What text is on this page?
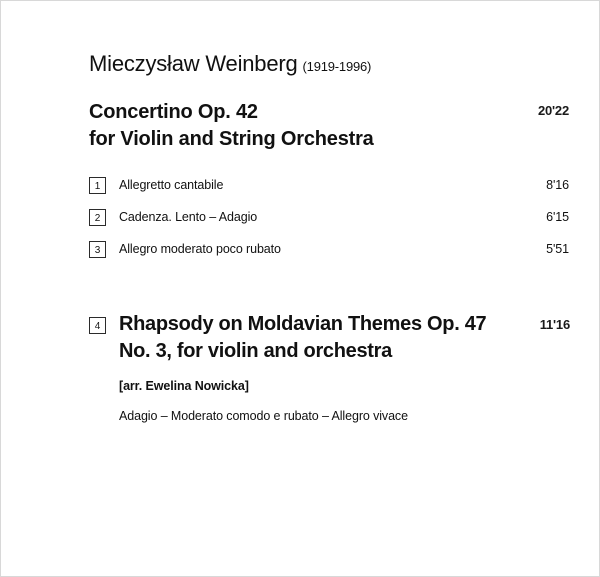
Mieczysław Weinberg (1919-1996)
Concertino Op. 42
for Violin and String Orchestra
20'22
1	Allegretto cantabile	8'16
2	Cadenza. Lento – Adagio	6'15
3	Allegro moderato poco rubato	5'51
4 Rhapsody on Moldavian Themes Op. 47
No. 3, for violin and orchestra
11'16
[arr. Ewelina Nowicka]
Adagio – Moderato comodo e rubato – Allegro vivace
